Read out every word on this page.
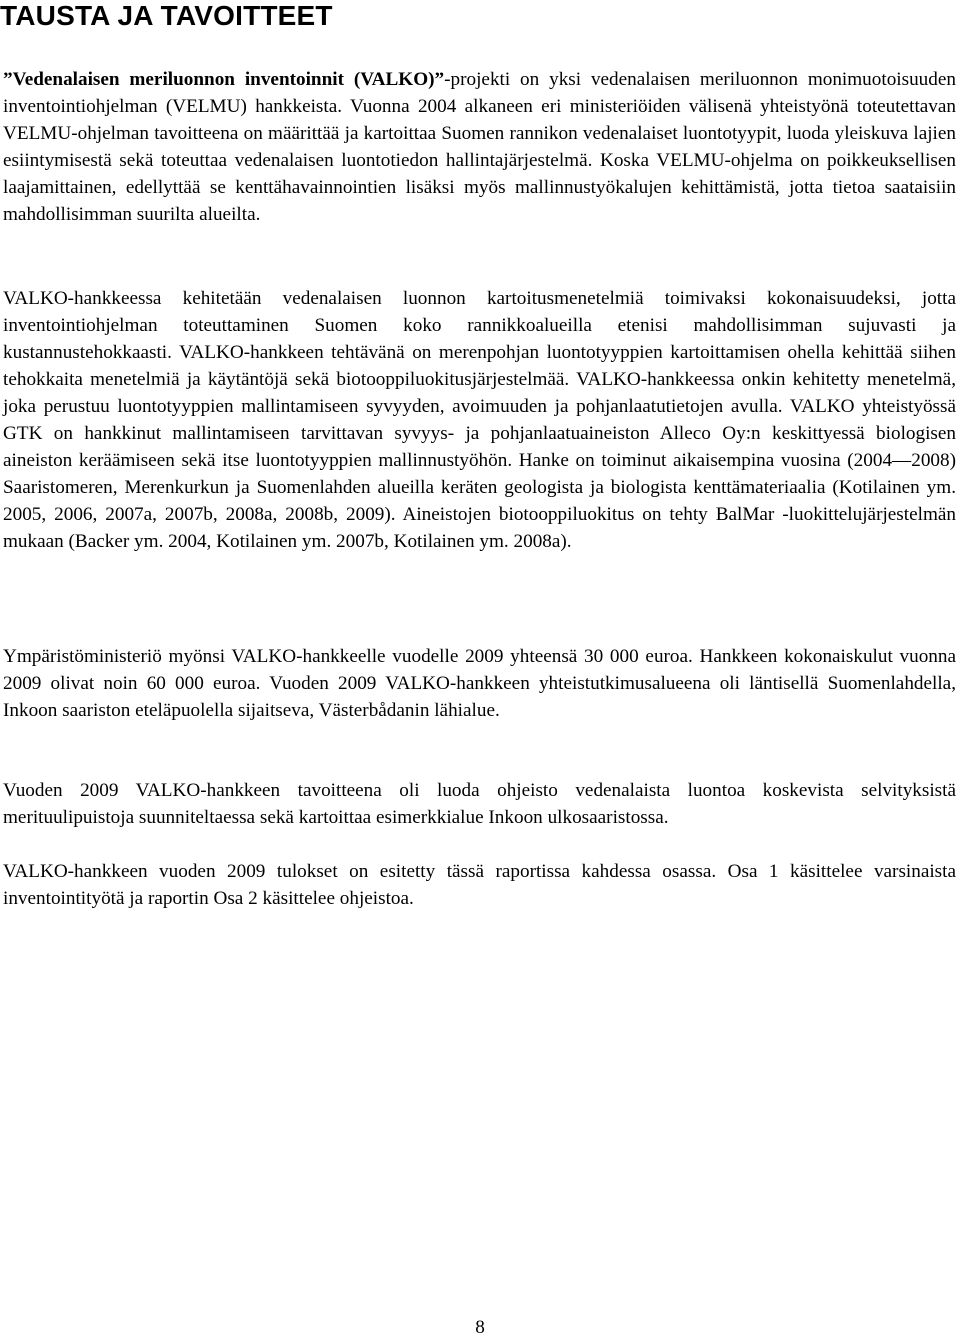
TAUSTA JA TAVOITTEET

”Vedenalaisen meriluonnon inventoinnit (VALKO)”-projekti on yksi vedenalaisen meriluonnon monimuotoisuuden inventointiohjelman (VELMU) hankkeista. Vuonna 2004 alkaneen eri ministeriöiden välisenä yhteistyönä toteutettavan VELMU-ohjelman tavoitteena on määrittää ja kartoittaa Suomen rannikon vedenalaiset luontotyypit, luoda yleiskuva lajien esiintymisestä sekä toteuttaa vedenalaisen luontotiedon hallintajärjestelmä. Koska VELMU-ohjelma on poikkeuksellisen laajamittainen, edellyttää se kenttähavainnointien lisäksi myös mallinnustyökalujen kehittämistä, jotta tietoa saataisiin mahdollisimman suurilta alueilta.

VALKO-hankkeessa kehitetään vedenalaisen luonnon kartoitusmenetelmiä toimivaksi kokonaisuudeksi, jotta inventointiohjelman toteuttaminen Suomen koko rannikkoalueilla etenisi mahdollisimman sujuvasti ja kustannustehokkaasti. VALKO-hankkeen tehtävänä on merenpohjan luontotyyppien kartoittamisen ohella kehittää siihen tehokkaita menetelmiä ja käytäntöjä sekä biotooppiluokitusjärjestelmää. VALKO-hankkeessa onkin kehitetty menetelmä, joka perustuu luontotyyppien mallintamiseen syvyyden, avoimuuden ja pohjanlaatutietojen avulla. VALKO yhteistyössä GTK on hankkinut mallintamiseen tarvittavan syvyys- ja pohjanlaatuaineiston Alleco Oy:n keskittyessä biologisen aineiston keräämiseen sekä itse luontotyyppien mallinnustyöhön. Hanke on toiminut aikaisempina vuosina (2004—2008) Saaristomeren, Merenkurkun ja Suomenlahden alueilla keräten geologista ja biologista kenttämateriaalia (Kotilainen ym. 2005, 2006, 2007a, 2007b, 2008a, 2008b, 2009). Aineistojen biotooppiluokitus on tehty BalMar -luokittelujärjestelmän mukaan (Backer ym. 2004, Kotilainen ym. 2007b, Kotilainen ym. 2008a).

Ympäristöministeriö myönsi VALKO-hankkeelle vuodelle 2009 yhteensä 30 000 euroa. Hankkeen kokonaiskulut vuonna 2009 olivat noin 60 000 euroa. Vuoden 2009 VALKO-hankkeen yhteistutkimusalueena oli läntisellä Suomenlahdella, Inkoon saariston eteläpuolella sijaitseva, Västerbådanin lähialue.

Vuoden 2009 VALKO-hankkeen tavoitteena oli luoda ohjeisto vedenalaista luontoa koskevista selvityksistä merituulipuistoja suunniteltaessa sekä kartoittaa esimerkkialue Inkoon ulkosaaristossa.

VALKO-hankkeen vuoden 2009 tulokset on esitetty tässä raportissa kahdessa osassa. Osa 1 käsittelee varsinaista inventointityötä ja raportin Osa 2 käsittelee ohjeistoa.

8
